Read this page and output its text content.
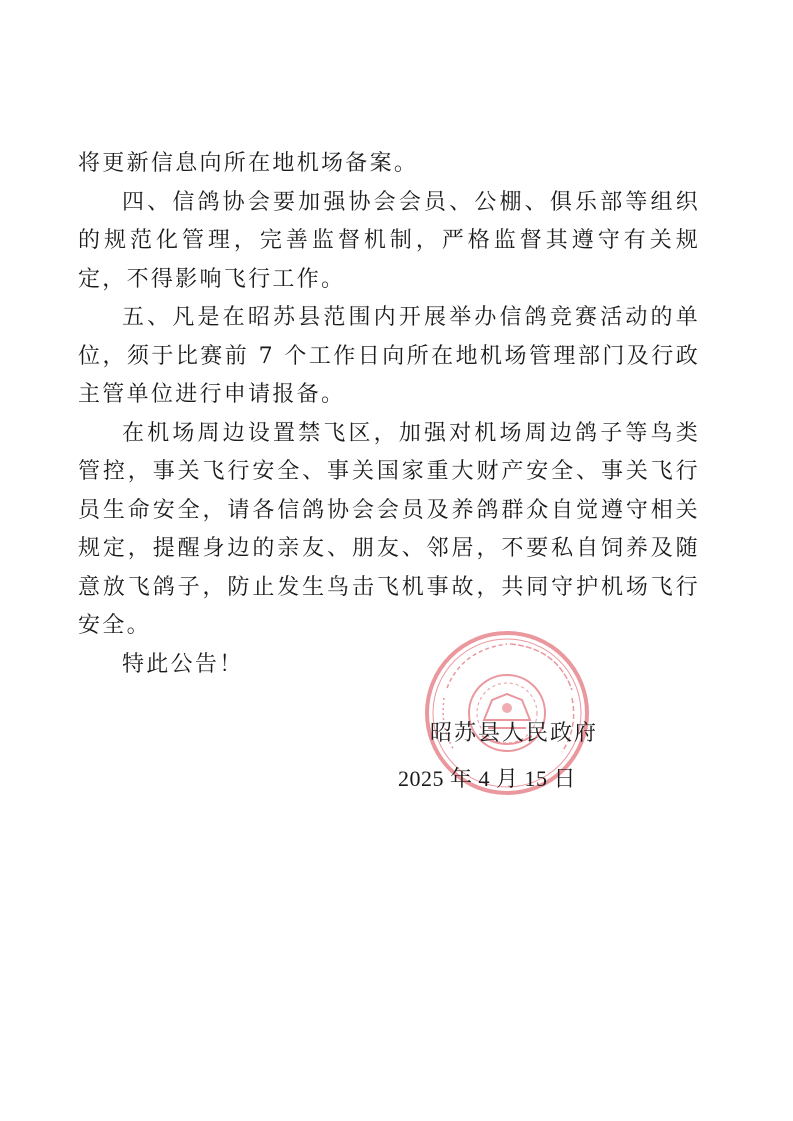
将更新信息向所在地机场备案。

四、信鸽协会要加强协会会员、公棚、俱乐部等组织的规范化管理，完善监督机制，严格监督其遵守有关规定，不得影响飞行工作。

五、凡是在昭苏县范围内开展举办信鸽竞赛活动的单位，须于比赛前 7 个工作日向所在地机场管理部门及行政主管单位进行申请报备。

在机场周边设置禁飞区，加强对机场周边鸽子等鸟类管控，事关飞行安全、事关国家重大财产安全、事关飞行员生命安全，请各信鸽协会会员及养鸽群众自觉遵守相关规定，提醒身边的亲友、朋友、邻居，不要私自饲养及随意放飞鸽子，防止发生鸟击飞机事故，共同守护机场飞行安全。

特此公告！

昭苏县人民政府
2025 年 4 月 15 日
